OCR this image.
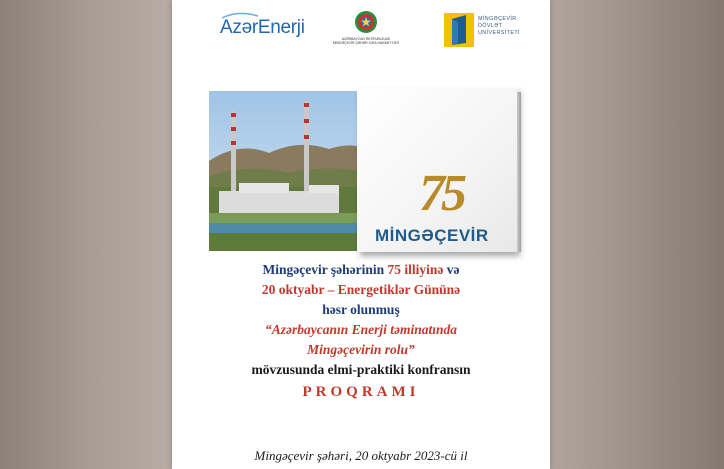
AzərEnerji
AZƏRBAYCAN RESPUBLİKASI
MİNGƏÇEVİR ŞƏHƏR İCRA HAKİMİYYƏTİ
MİNGƏÇEVİR
DÖVLƏT
UNİVERSİTETİ
75
MİNGƏÇEVİR
Mingəçevir şəhərinin 75 illiyinə və
20 oktyabr – Energetiklər Gününə
həsr olunmuş
“Azərbaycanın Enerji təminatında
Mingəçevirin rolu”
mövzusunda elmi-praktiki konfransın
PROQRAMI
Mingəçevir şəhəri, 20 oktyabr 2023-cü il
